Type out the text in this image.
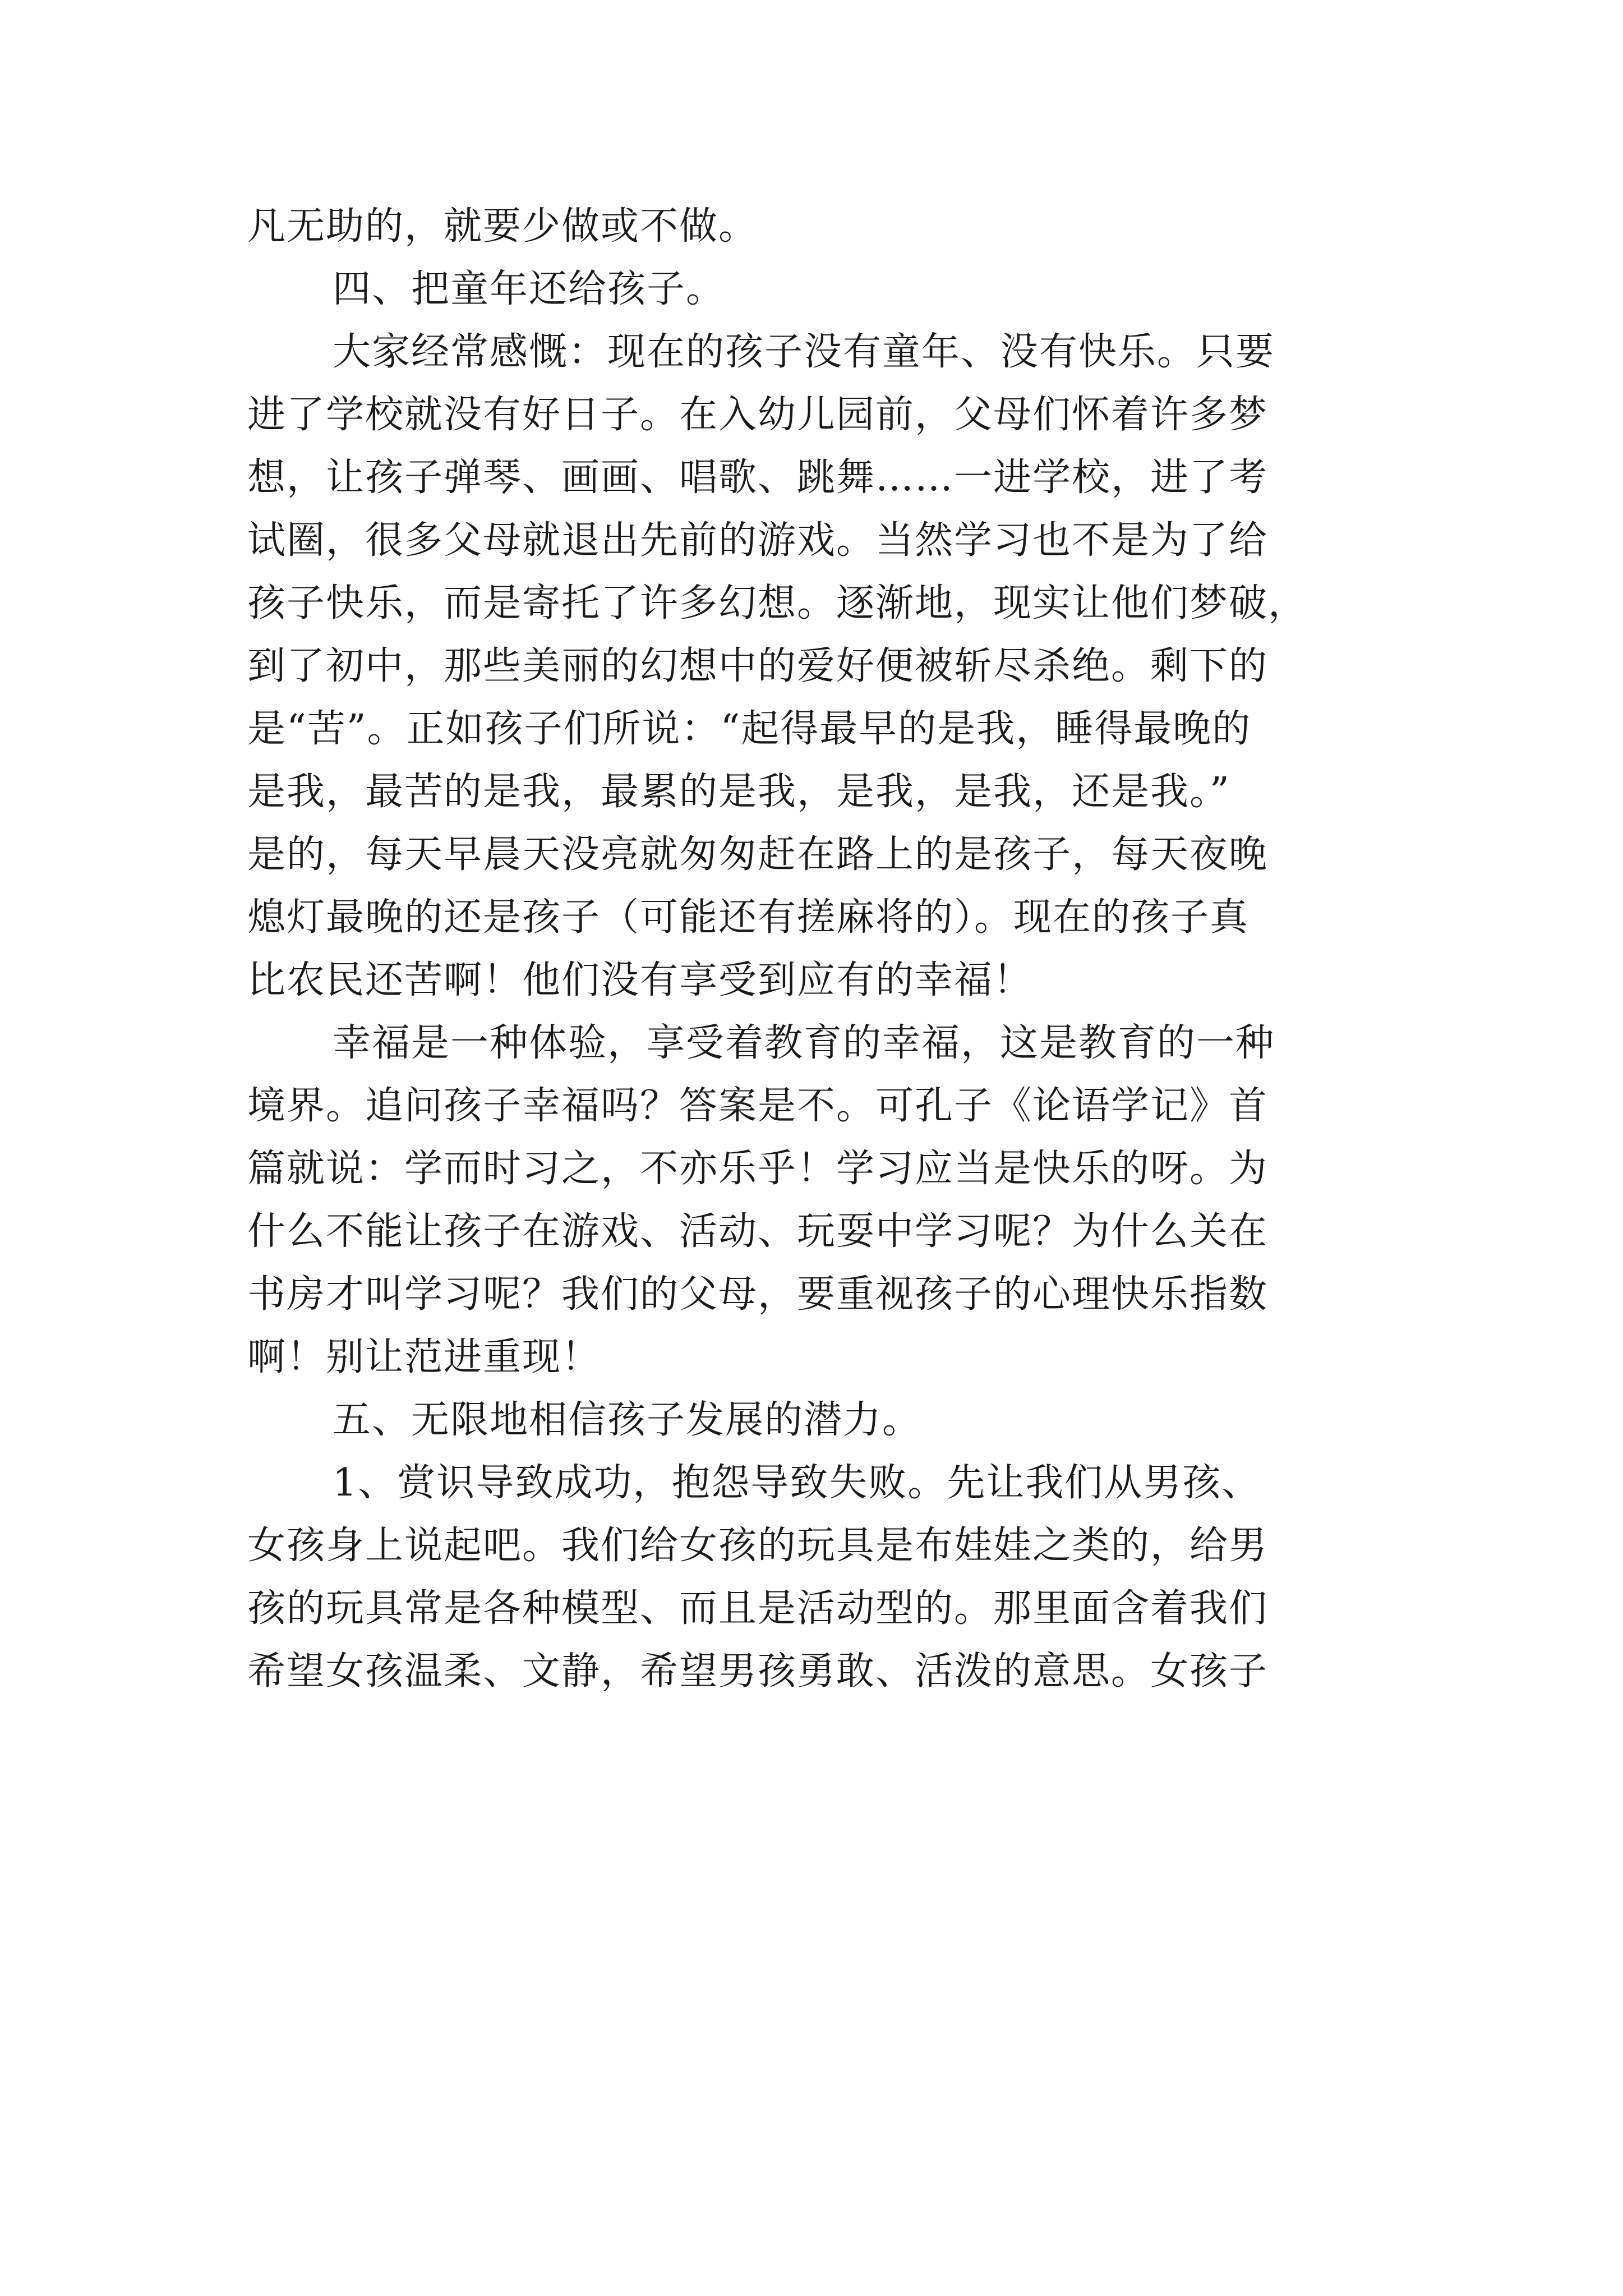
凡无助的，就要少做或不做。
四、把童年还给孩子。
大家经常感慨：现在的孩子没有童年、没有快乐。只要
进了学校就没有好日子。在入幼儿园前，父母们怀着许多梦
想，让孩子弹琴、画画、唱歌、跳舞……一进学校，进了考
试圈，很多父母就退出先前的游戏。当然学习也不是为了给
孩子快乐，而是寄托了许多幻想。逐渐地，现实让他们梦破，
到了初中，那些美丽的幻想中的爱好便被斩尽杀绝。剩下的
是“苦”。正如孩子们所说：“起得最早的是我，睡得最晚的
是我，最苦的是我，最累的是我，是我，是我，还是我。”
是的，每天早晨天没亮就匆匆赶在路上的是孩子，每天夜晚
熄灯最晚的还是孩子（可能还有搓麻将的）。现在的孩子真
比农民还苦啊！他们没有享受到应有的幸福！
幸福是一种体验，享受着教育的幸福，这是教育的一种
境界。追问孩子幸福吗？答案是不。可孔子《论语学记》首
篇就说：学而时习之，不亦乐乎！学习应当是快乐的呀。为
什么不能让孩子在游戏、活动、玩耍中学习呢？为什么关在
书房才叫学习呢？我们的父母，要重视孩子的心理快乐指数
啊！别让范进重现！
五、无限地相信孩子发展的潜力。
1、赏识导致成功，抱怨导致失败。先让我们从男孩、
女孩身上说起吧。我们给女孩的玩具是布娃娃之类的，给男
孩的玩具常是各种模型、而且是活动型的。那里面含着我们
希望女孩温柔、文静，希望男孩勇敢、活泼的意思。女孩子
